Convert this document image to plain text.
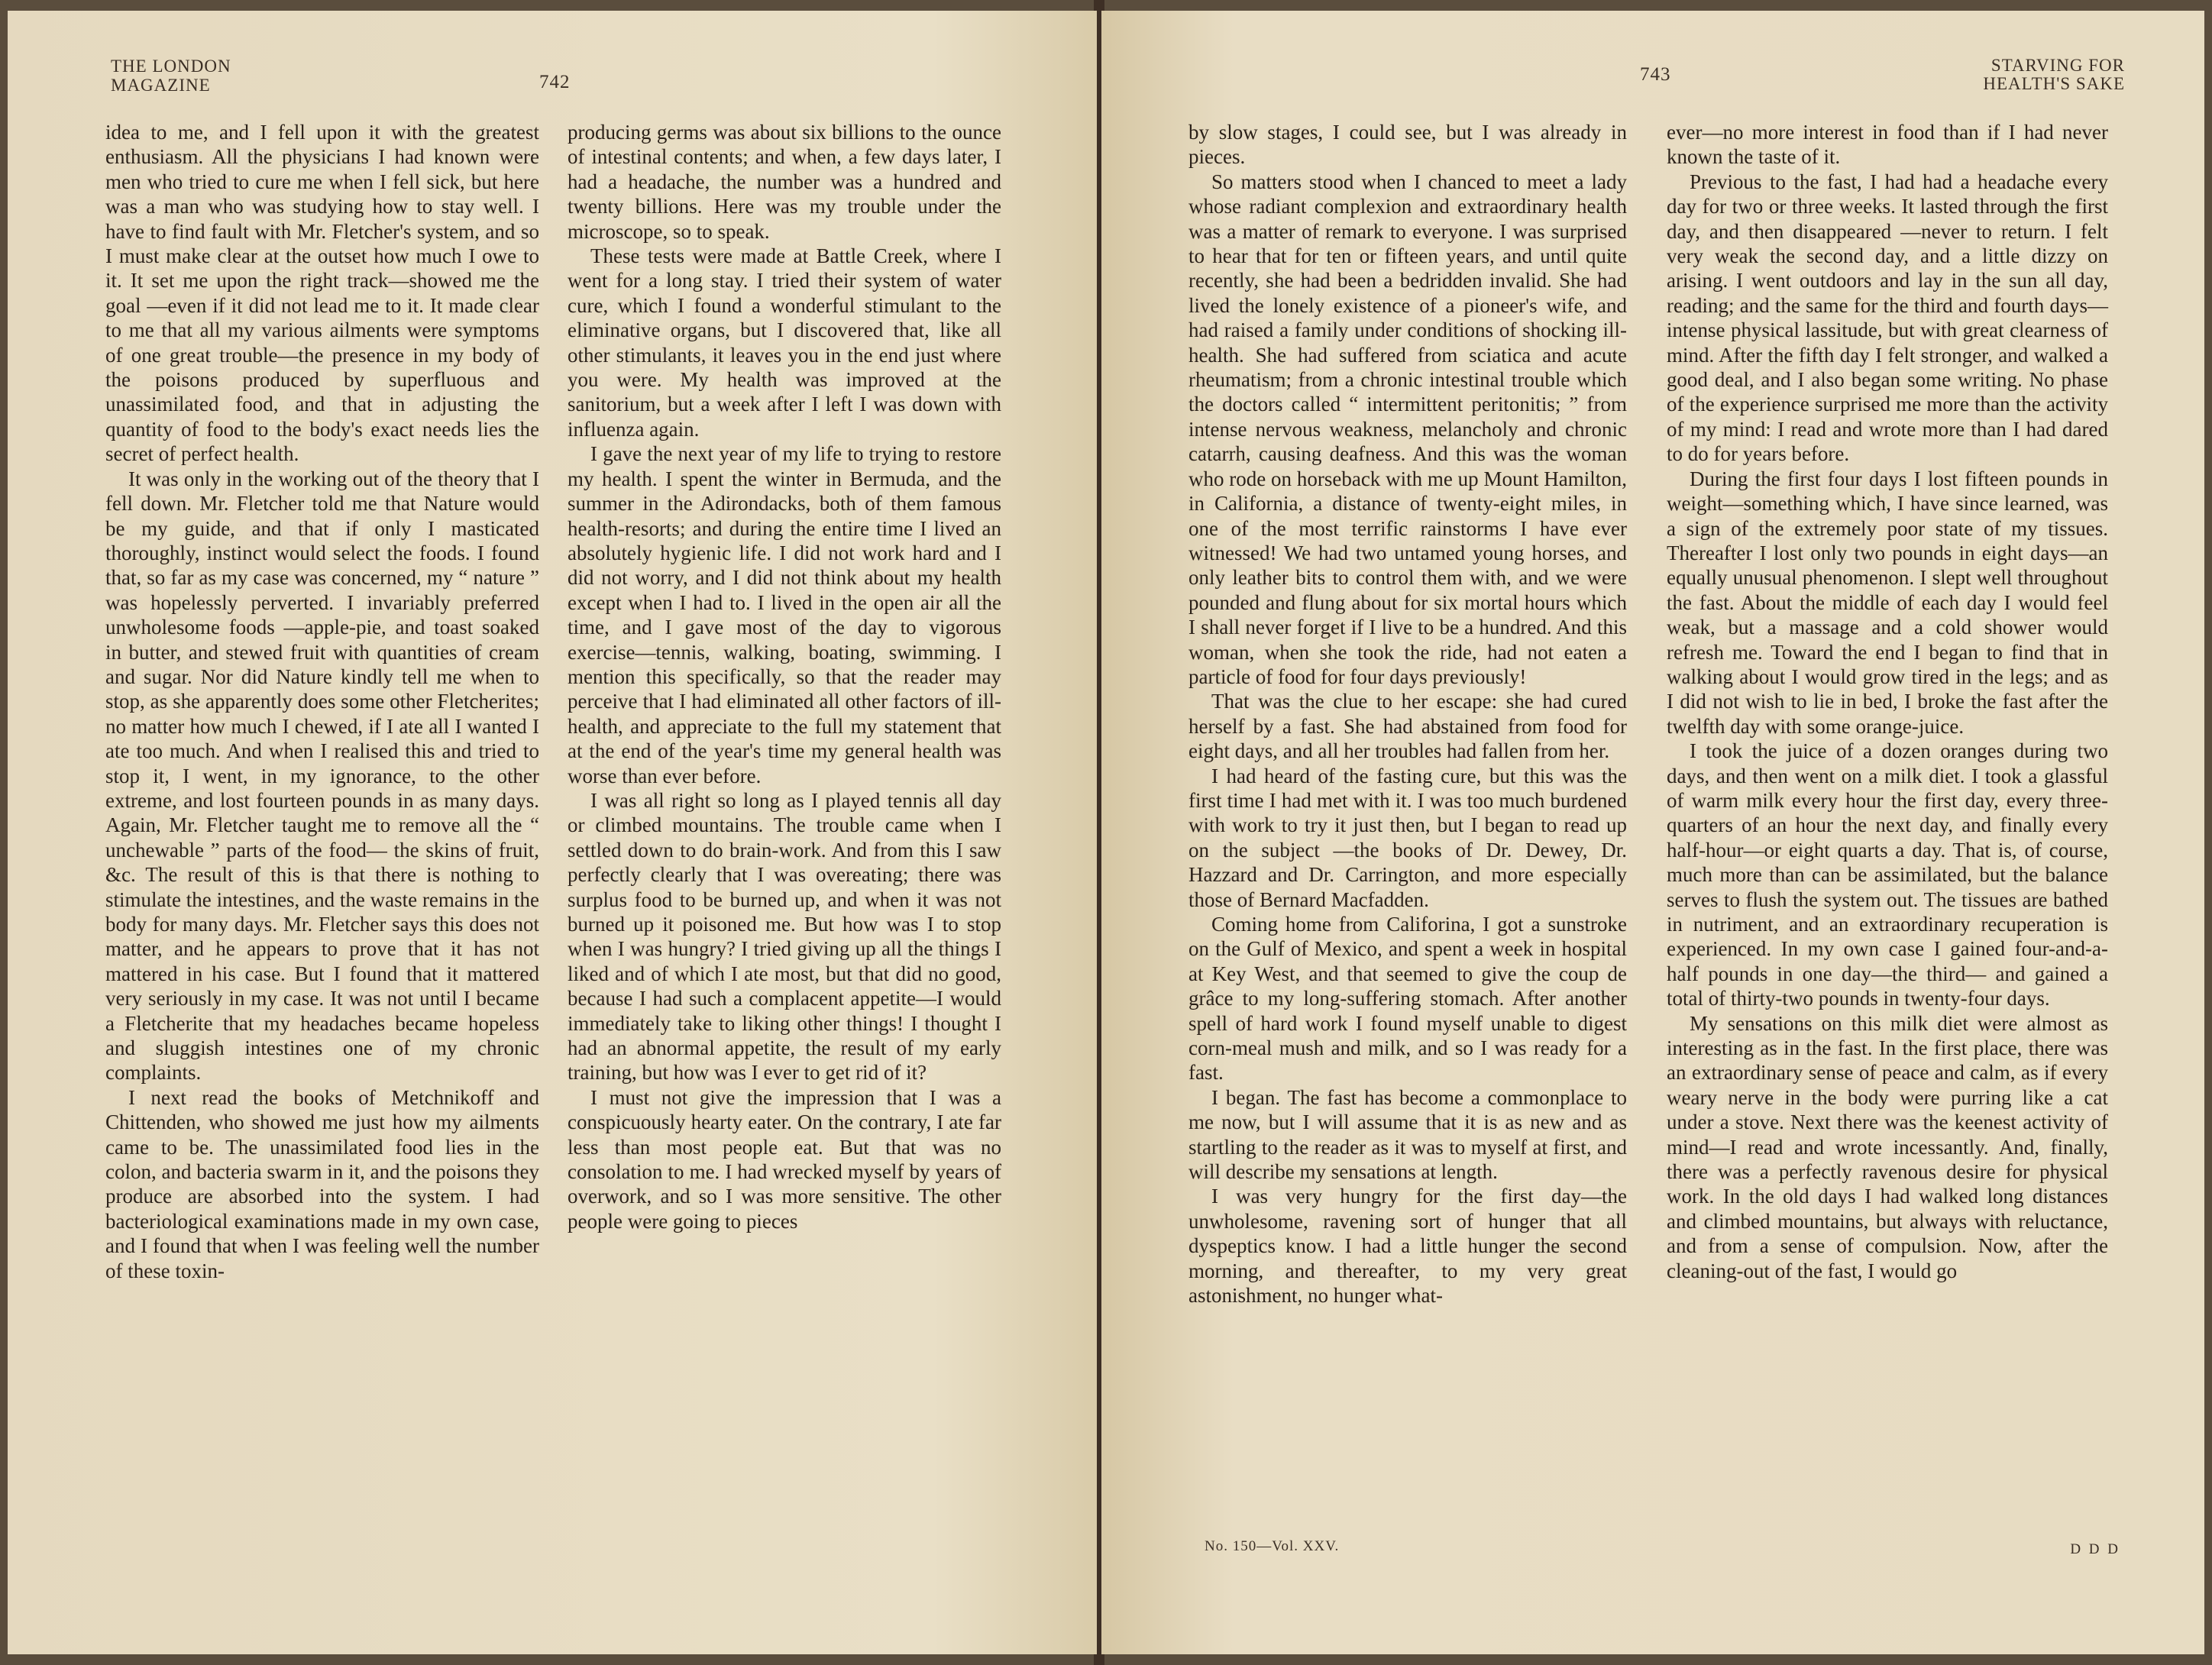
THE LONDON
MAGAZINE	742

idea to me, and I fell upon it with the greatest enthusiasm. All the physicians I had known were men who tried to cure me when I fell sick, but here was a man who was studying how to stay well. I have to find fault with Mr. Fletcher's system, and so I must make clear at the outset how much I owe to it. It set me upon the right track—showed me the goal —even if it did not lead me to it. It made clear to me that all my various ailments were symptoms of one great trouble—the presence in my body of the poisons produced by superfluous and unassimilated food, and that in adjusting the quantity of food to the body's exact needs lies the secret of perfect health.

It was only in the working out of the theory that I fell down. Mr. Fletcher told me that Nature would be my guide, and that if only I masticated thoroughly, instinct would select the foods. I found that, so far as my case was concerned, my “ nature ” was hopelessly perverted. I invariably preferred unwholesome foods —apple-pie, and toast soaked in butter, and stewed fruit with quantities of cream and sugar. Nor did Nature kindly tell me when to stop, as she apparently does some other Fletcherites; no matter how much I chewed, if I ate all I wanted I ate too much. And when I realised this and tried to stop it, I went, in my ignorance, to the other extreme, and lost fourteen pounds in as many days. Again, Mr. Fletcher taught me to remove all the “ unchewable ” parts of the food— the skins of fruit, &c. The result of this is that there is nothing to stimulate the intestines, and the waste remains in the body for many days. Mr. Fletcher says this does not matter, and he appears to prove that it has not mattered in his case. But I found that it mattered very seriously in my case. It was not until I became a Fletcherite that my headaches became hopeless and sluggish intestines one of my chronic complaints.

I next read the books of Metchnikoff and Chittenden, who showed me just how my ailments came to be. The unassimilated food lies in the colon, and bacteria swarm in it, and the poisons they produce are absorbed into the system. I had bacteriological examinations made in my own case, and I found that when I was feeling well the number of these toxin-

producing germs was about six billions to the ounce of intestinal contents; and when, a few days later, I had a headache, the number was a hundred and twenty billions. Here was my trouble under the microscope, so to speak.

These tests were made at Battle Creek, where I went for a long stay. I tried their system of water cure, which I found a wonderful stimulant to the eliminative organs, but I discovered that, like all other stimulants, it leaves you in the end just where you were. My health was improved at the sanitorium, but a week after I left I was down with influenza again.

I gave the next year of my life to trying to restore my health. I spent the winter in Bermuda, and the summer in the Adirondacks, both of them famous health-resorts; and during the entire time I lived an absolutely hygienic life. I did not work hard and I did not worry, and I did not think about my health except when I had to. I lived in the open air all the time, and I gave most of the day to vigorous exercise—tennis, walking, boating, swimming. I mention this specifically, so that the reader may perceive that I had eliminated all other factors of ill-health, and appreciate to the full my statement that at the end of the year's time my general health was worse than ever before.

I was all right so long as I played tennis all day or climbed mountains. The trouble came when I settled down to do brain-work. And from this I saw perfectly clearly that I was overeating; there was surplus food to be burned up, and when it was not burned up it poisoned me. But how was I to stop when I was hungry? I tried giving up all the things I liked and of which I ate most, but that did no good, because I had such a complacent appetite—I would immediately take to liking other things! I thought I had an abnormal appetite, the result of my early training, but how was I ever to get rid of it?

I must not give the impression that I was a conspicuously hearty eater. On the contrary, I ate far less than most people eat. But that was no consolation to me. I had wrecked myself by years of overwork, and so I was more sensitive. The other people were going to pieces

743	STARVING FOR
HEALTH'S SAKE

by slow stages, I could see, but I was already in pieces.

So matters stood when I chanced to meet a lady whose radiant complexion and extraordinary health was a matter of remark to everyone. I was surprised to hear that for ten or fifteen years, and until quite recently, she had been a bedridden invalid. She had lived the lonely existence of a pioneer's wife, and had raised a family under conditions of shocking ill-health. She had suffered from sciatica and acute rheumatism; from a chronic intestinal trouble which the doctors called “ intermittent peritonitis; ” from intense nervous weakness, melancholy and chronic catarrh, causing deafness. And this was the woman who rode on horseback with me up Mount Hamilton, in California, a distance of twenty-eight miles, in one of the most terrific rainstorms I have ever witnessed! We had two untamed young horses, and only leather bits to control them with, and we were pounded and flung about for six mortal hours which I shall never forget if I live to be a hundred. And this woman, when she took the ride, had not eaten a particle of food for four days previously!

That was the clue to her escape: she had cured herself by a fast. She had abstained from food for eight days, and all her troubles had fallen from her.

I had heard of the fasting cure, but this was the first time I had met with it. I was too much burdened with work to try it just then, but I began to read up on the subject —the books of Dr. Dewey, Dr. Hazzard and Dr. Carrington, and more especially those of Bernard Macfadden.

Coming home from Califorina, I got a sunstroke on the Gulf of Mexico, and spent a week in hospital at Key West, and that seemed to give the coup de grâce to my long-suffering stomach. After another spell of hard work I found myself unable to digest corn-meal mush and milk, and so I was ready for a fast.

I began. The fast has become a commonplace to me now, but I will assume that it is as new and as startling to the reader as it was to myself at first, and will describe my sensations at length.

I was very hungry for the first day—the unwholesome, ravening sort of hunger that all dyspeptics know. I had a little hunger the second morning, and thereafter, to my very great astonishment, no hunger what-

ever—no more interest in food than if I had never known the taste of it.

Previous to the fast, I had had a headache every day for two or three weeks. It lasted through the first day, and then disappeared —never to return. I felt very weak the second day, and a little dizzy on arising. I went outdoors and lay in the sun all day, reading; and the same for the third and fourth days—intense physical lassitude, but with great clearness of mind. After the fifth day I felt stronger, and walked a good deal, and I also began some writing. No phase of the experience surprised me more than the activity of my mind: I read and wrote more than I had dared to do for years before.

During the first four days I lost fifteen pounds in weight—something which, I have since learned, was a sign of the extremely poor state of my tissues. Thereafter I lost only two pounds in eight days—an equally unusual phenomenon. I slept well throughout the fast. About the middle of each day I would feel weak, but a massage and a cold shower would refresh me. Toward the end I began to find that in walking about I would grow tired in the legs; and as I did not wish to lie in bed, I broke the fast after the twelfth day with some orange-juice.

I took the juice of a dozen oranges during two days, and then went on a milk diet. I took a glassful of warm milk every hour the first day, every three-quarters of an hour the next day, and finally every half-hour—or eight quarts a day. That is, of course, much more than can be assimilated, but the balance serves to flush the system out. The tissues are bathed in nutriment, and an extraordinary recuperation is experienced. In my own case I gained four-and-a-half pounds in one day—the third— and gained a total of thirty-two pounds in twenty-four days.

My sensations on this milk diet were almost as interesting as in the fast. In the first place, there was an extraordinary sense of peace and calm, as if every weary nerve in the body were purring like a cat under a stove. Next there was the keenest activity of mind—I read and wrote incessantly. And, finally, there was a perfectly ravenous desire for physical work. In the old days I had walked long distances and climbed mountains, but always with reluctance, and from a sense of compulsion. Now, after the cleaning-out of the fast, I would go

No. 150—Vol. XXV.	D D D
